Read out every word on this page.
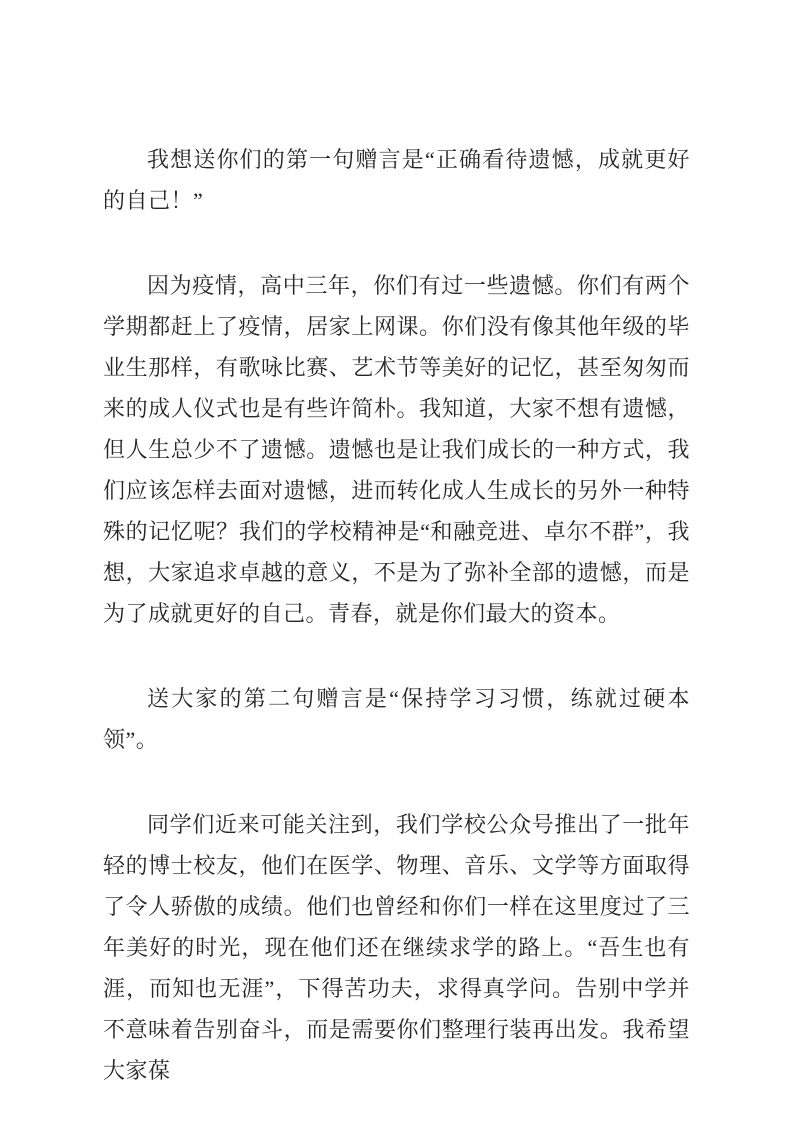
我想送你们的第一句赠言是“正确看待遗憾，成就更好的自己！”

因为疫情，高中三年，你们有过一些遗憾。你们有两个学期都赶上了疫情，居家上网课。你们没有像其他年级的毕业生那样，有歌咏比赛、艺术节等美好的记忆，甚至匆匆而来的成人仪式也是有些许简朴。我知道，大家不想有遗憾，但人生总少不了遗憾。遗憾也是让我们成长的一种方式，我们应该怎样去面对遗憾，进而转化成人生成长的另外一种特殊的记忆呢？我们的学校精神是“和融竞进、卓尔不群”，我想，大家追求卓越的意义，不是为了弥补全部的遗憾，而是为了成就更好的自己。青春，就是你们最大的资本。

送大家的第二句赠言是“保持学习习惯，练就过硬本领”。

同学们近来可能关注到，我们学校公众号推出了一批年轻的博士校友，他们在医学、物理、音乐、文学等方面取得了令人骄傲的成绩。他们也曾经和你们一样在这里度过了三年美好的时光，现在他们还在继续求学的路上。“吾生也有涯，而知也无涯”，下得苦功夫，求得真学问。告别中学并不意味着告别奋斗，而是需要你们整理行装再出发。我希望大家葆
